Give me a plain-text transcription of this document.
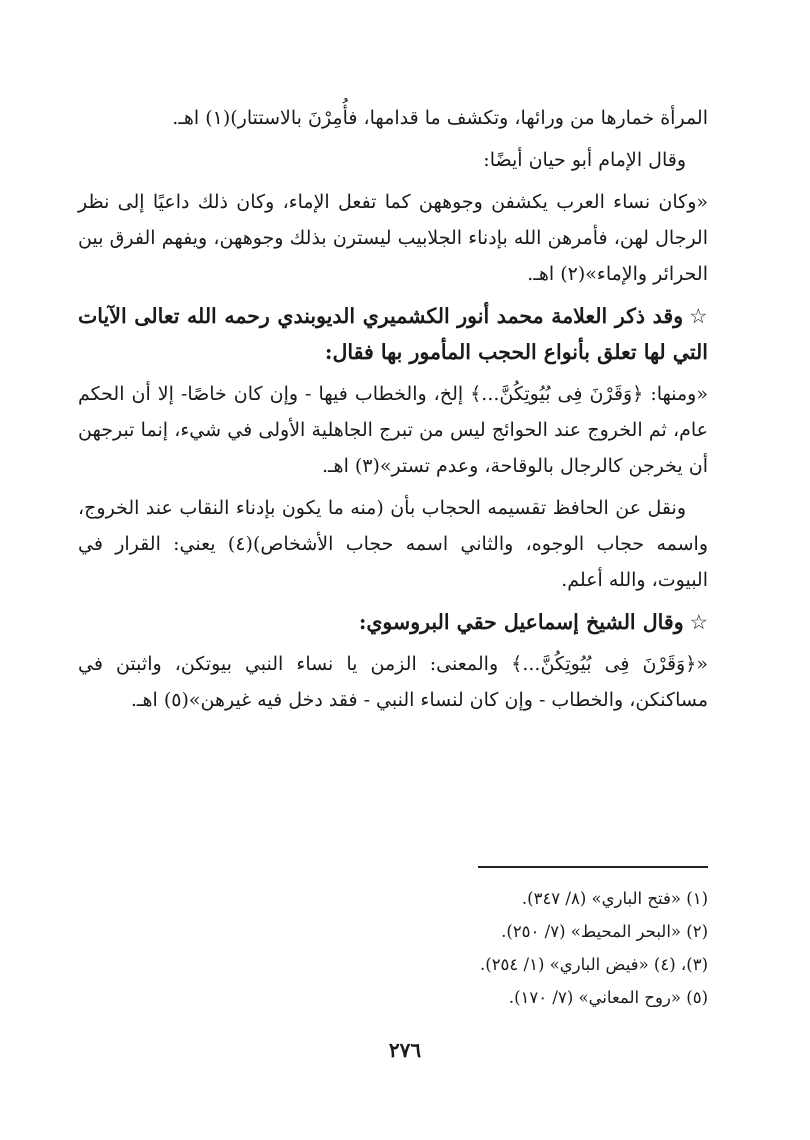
المرأة خمارها من ورائها، وتكشف ما قدامها، فأُمِرْنَ بالاستتار)(١) اهـ.

وقال الإمام أبو حيان أيضًا:

«وكان نساء العرب يكشفن وجوههن كما تفعل الإماء، وكان ذلك داعيًا إلى نظر الرجال لهن، فأمرهن الله بإدناء الجلابيب ليسترن بذلك وجوههن، ويفهم الفرق بين الحرائر والإماء»(٢) اهـ.

☆وقد ذكر العلامة محمد أنور الكشميري الديوبندي رحمه الله تعالى الآيات التي لها تعلق بأنواع الحجب المأمور بها فقال:

«ومنها: ﴿وَقَرْنَ فِى بُيُوتِكُنَّ...﴾ إلخ، والخطاب فيها - وإن كان خاصًا- إلا أن الحكم عام، ثم الخروج عند الحوائج ليس من تبرج الجاهلية الأولى في شيء، إنما تبرجهن أن يخرجن كالرجال بالوقاحة، وعدم تستر»(٣) اهـ.

ونقل عن الحافظ تقسيمه الحجاب بأن (منه ما يكون بإدناء النقاب عند الخروج، واسمه حجاب الوجوه، والثاني اسمه حجاب الأشخاص)(٤) يعني: القرار في البيوت، والله أعلم.

☆وقال الشيخ إسماعيل حقي البروسوي:

«﴿وَقَرْنَ فِى بُيُوتِكُنَّ...﴾ والمعنى: الزمن يا نساء النبي بيوتكن، واثبتن في مساكنكن، والخطاب - وإن كان لنساء النبي - فقد دخل فيه غيرهن»(٥) اهـ.

(١) «فتح الباري» (٨/ ٣٤٧).
(٢) «البحر المحيط» (٧/ ٢٥٠).
(٣)، (٤) «فيض الباري» (١/ ٢٥٤).
(٥) «روح المعاني» (٧/ ١٧٠).
٢٧٦
